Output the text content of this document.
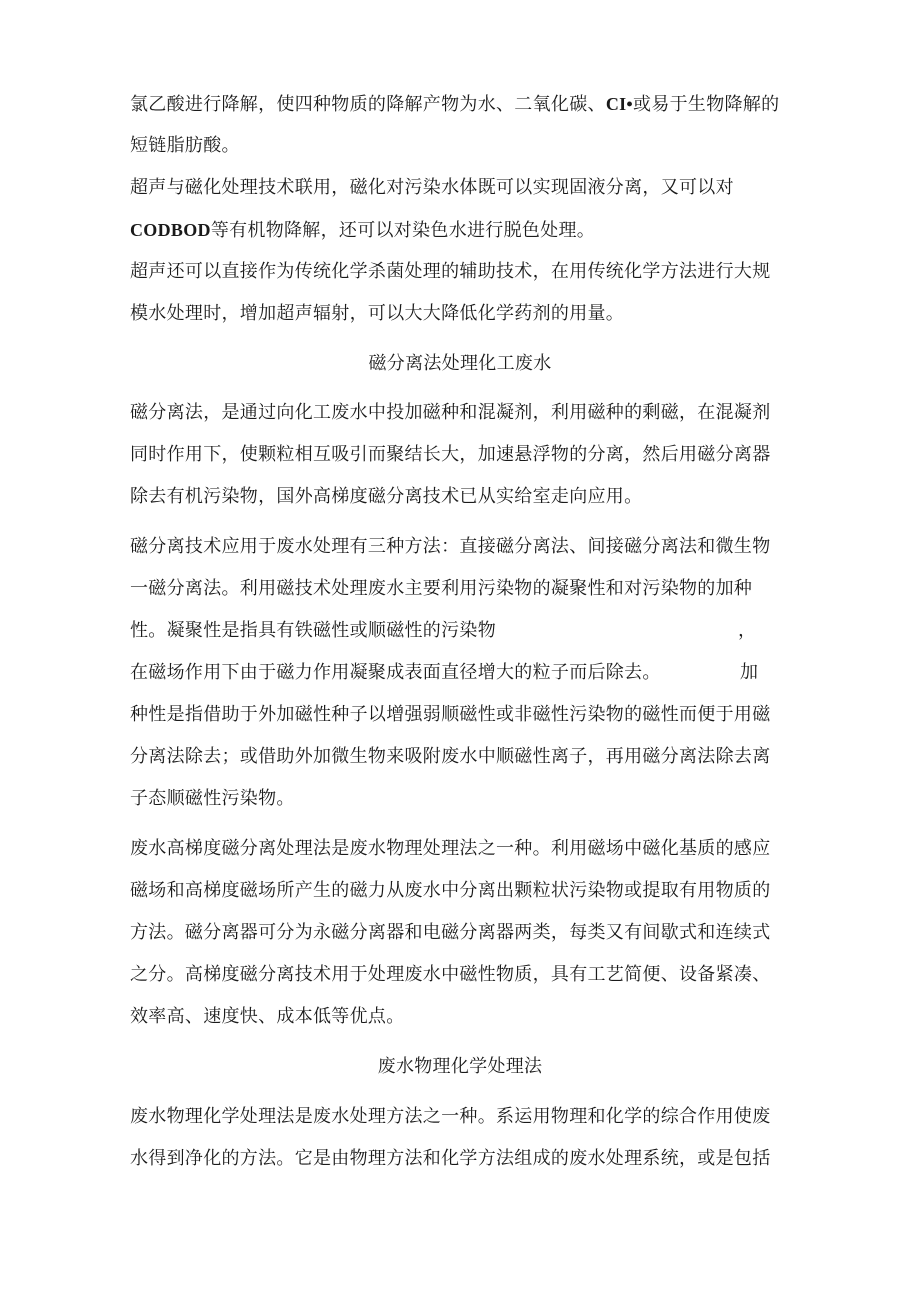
氯乙酸进行降解，使四种物质的降解产物为水、二氧化碳、CI•或易于生物降解的
短链脂肪酸。
超声与磁化处理技术联用，磁化对污染水体既可以实现固液分离，又可以对
CODBOD等有机物降解，还可以对染色水进行脱色处理。
超声还可以直接作为传统化学杀菌处理的辅助技术，在用传统化学方法进行大规
模水处理时，增加超声辐射，可以大大降低化学药剂的用量。
磁分离法处理化工废水
磁分离法，是通过向化工废水中投加磁种和混凝剂，利用磁种的剩磁，在混凝剂
同时作用下，使颗粒相互吸引而聚结长大，加速悬浮物的分离，然后用磁分离器
除去有机污染物，国外高梯度磁分离技术已从实给室走向应用。
磁分离技术应用于废水处理有三种方法：直接磁分离法、间接磁分离法和微生物
一磁分离法。利用磁技术处理废水主要利用污染物的凝聚性和对污染物的加种
性。凝聚性是指具有铁磁性或顺磁性的污染物	，
在磁场作用下由于磁力作用凝聚成表面直径增大的粒子而后除去。	加
种性是指借助于外加磁性种子以增强弱顺磁性或非磁性污染物的磁性而便于用磁
分离法除去；或借助外加微生物来吸附废水中顺磁性离子，再用磁分离法除去离
子态顺磁性污染物。
废水高梯度磁分离处理法是废水物理处理法之一种。利用磁场中磁化基质的感应
磁场和高梯度磁场所产生的磁力从废水中分离出颗粒状污染物或提取有用物质的
方法。磁分离器可分为永磁分离器和电磁分离器两类，每类又有间歇式和连续式
之分。高梯度磁分离技术用于处理废水中磁性物质，具有工艺简便、设备紧凑、
效率高、速度快、成本低等优点。
废水物理化学处理法
废水物理化学处理法是废水处理方法之一种。系运用物理和化学的综合作用使废
水得到净化的方法。它是由物理方法和化学方法组成的废水处理系统，或是包括
